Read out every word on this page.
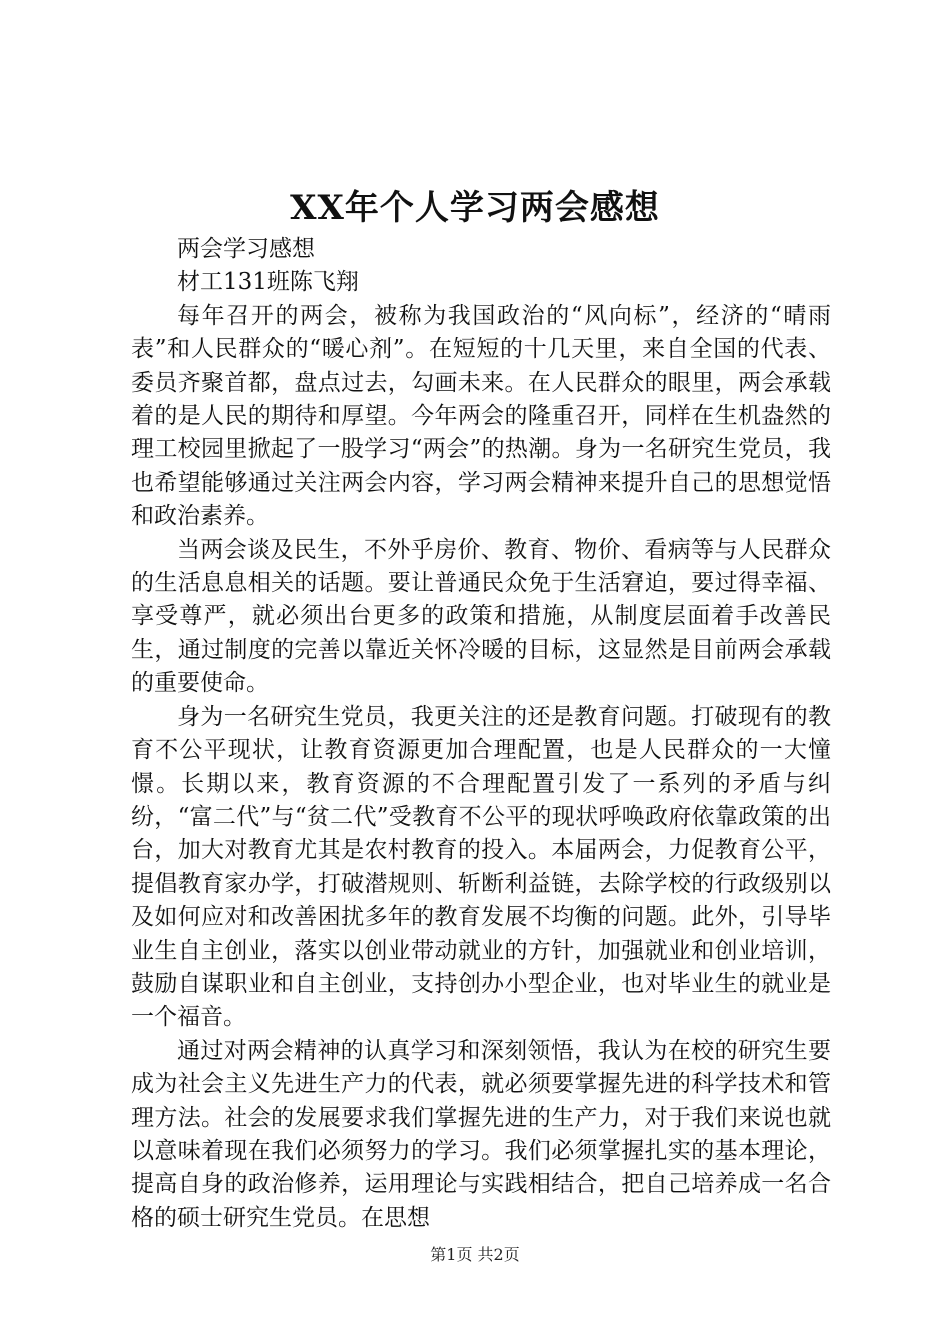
XX年个人学习两会感想

两会学习感想

材工131班陈飞翔

每年召开的两会，被称为我国政治的“风向标”，经济的“晴雨表”和人民群众的“暖心剂”。在短短的十几天里，来自全国的代表、委员齐聚首都，盘点过去，勾画未来。在人民群众的眼里，两会承载着的是人民的期待和厚望。今年两会的隆重召开，同样在生机盎然的理工校园里掀起了一股学习“两会”的热潮。身为一名研究生党员，我也希望能够通过关注两会内容，学习两会精神来提升自己的思想觉悟和政治素养。

当两会谈及民生，不外乎房价、教育、物价、看病等与人民群众的生活息息相关的话题。要让普通民众免于生活窘迫，要过得幸福、享受尊严，就必须出台更多的政策和措施，从制度层面着手改善民生，通过制度的完善以靠近关怀冷暖的目标，这显然是目前两会承载的重要使命。

身为一名研究生党员，我更关注的还是教育问题。打破现有的教育不公平现状，让教育资源更加合理配置，也是人民群众的一大憧憬。长期以来，教育资源的不合理配置引发了一系列的矛盾与纠纷，“富二代”与“贫二代”受教育不公平的现状呼唤政府依靠政策的出台，加大对教育尤其是农村教育的投入。本届两会，力促教育公平，提倡教育家办学，打破潜规则、斩断利益链，去除学校的行政级别以及如何应对和改善困扰多年的教育发展不均衡的问题。此外，引导毕业生自主创业，落实以创业带动就业的方针，加强就业和创业培训，鼓励自谋职业和自主创业，支持创办小型企业，也对毕业生的就业是一个福音。

通过对两会精神的认真学习和深刻领悟，我认为在校的研究生要成为社会主义先进生产力的代表，就必须要掌握先进的科学技术和管理方法。社会的发展要求我们掌握先进的生产力，对于我们来说也就以意味着现在我们必须努力的学习。我们必须掌握扎实的基本理论，提高自身的政治修养，运用理论与实践相结合，把自己培养成一名合格的硕士研究生党员。在思想

第1页 共2页
